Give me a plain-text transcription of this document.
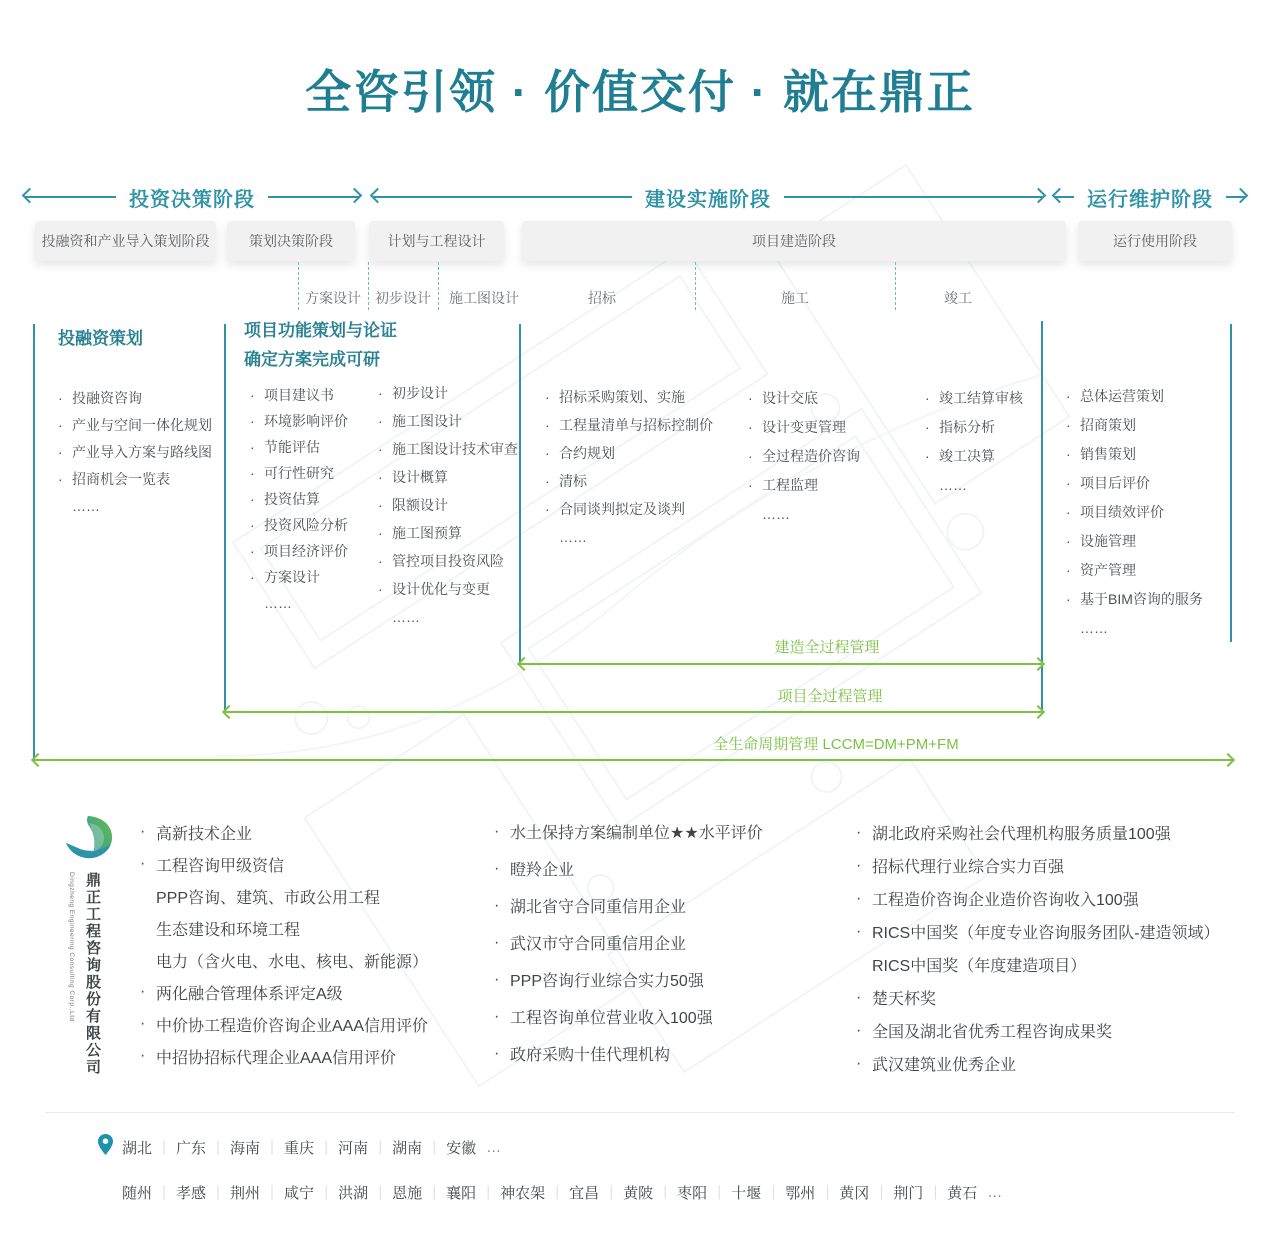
全咨引领 · 价值交付 · 就在鼎正
投资决策阶段	建设实施阶段	运行维护阶段
投融资和产业导入策划阶段	策划决策阶段	计划与工程设计	项目建造阶段	运行使用阶段
方案设计 初步设计 施工图设计	招标	施工	竣工
投融资策划	项目功能策划与论证
确定方案完成可研
· 投融资咨询
· 产业与空间一体化规划
· 产业导入方案与路线图
· 招商机会一览表
……
· 项目建议书
· 环境影响评价
· 节能评估
· 可行性研究
· 投资估算
· 投资风险分析
· 项目经济评价
· 方案设计
……
· 初步设计
· 施工图设计
· 施工图设计技术审查
· 设计概算
· 限额设计
· 施工图预算
· 管控项目投资风险
· 设计优化与变更
……
· 招标采购策划、实施
· 工程量清单与招标控制价
· 合约规划
· 清标
· 合同谈判拟定及谈判
……
· 设计交底
· 设计变更管理
· 全过程造价咨询
· 工程监理
……
· 竣工结算审核
· 指标分析
· 竣工决算
……
· 总体运营策划
· 招商策划
· 销售策划
· 项目后评价
· 项目绩效评价
· 设施管理
· 资产管理
· 基于BIM咨询的服务
……
建造全过程管理
项目全过程管理
全生命周期管理 LCCM=DM+PM+FM
Dingzheng Engineering Consulting Corp.,Ltd 鼎正工程咨询股份有限公司
· 高新技术企业
· 工程咨询甲级资信
PPP咨询、建筑、市政公用工程
生态建设和环境工程
电力（含火电、水电、核电、新能源）
· 两化融合管理体系评定A级
· 中价协工程造价咨询企业AAA信用评价
· 中招协招标代理企业AAA信用评价
· 水土保持方案编制单位★★水平评价
· 瞪羚企业
· 湖北省守合同重信用企业
· 武汉市守合同重信用企业
· PPP咨询行业综合实力50强
· 工程咨询单位营业收入100强
· 政府采购十佳代理机构
· 湖北政府采购社会代理机构服务质量100强
· 招标代理行业综合实力百强
· 工程造价咨询企业造价咨询收入100强
· RICS中国奖（年度专业咨询服务团队-建造领域）
RICS中国奖（年度建造项目）
· 楚天杯奖
· 全国及湖北省优秀工程咨询成果奖
· 武汉建筑业优秀企业
湖北 ｜	广东 ｜	海南 ｜	重庆 ｜	河南 ｜	湖南 ｜	安徽 …
随州 ｜	孝感 ｜	荆州 ｜	咸宁 ｜	洪湖 ｜	恩施 ｜	襄阳 ｜	神农架 ｜	宜昌 ｜	黄陂 ｜	枣阳 ｜	十堰 ｜	鄂州 ｜	黄冈 ｜	荆门 ｜	黄石 …
